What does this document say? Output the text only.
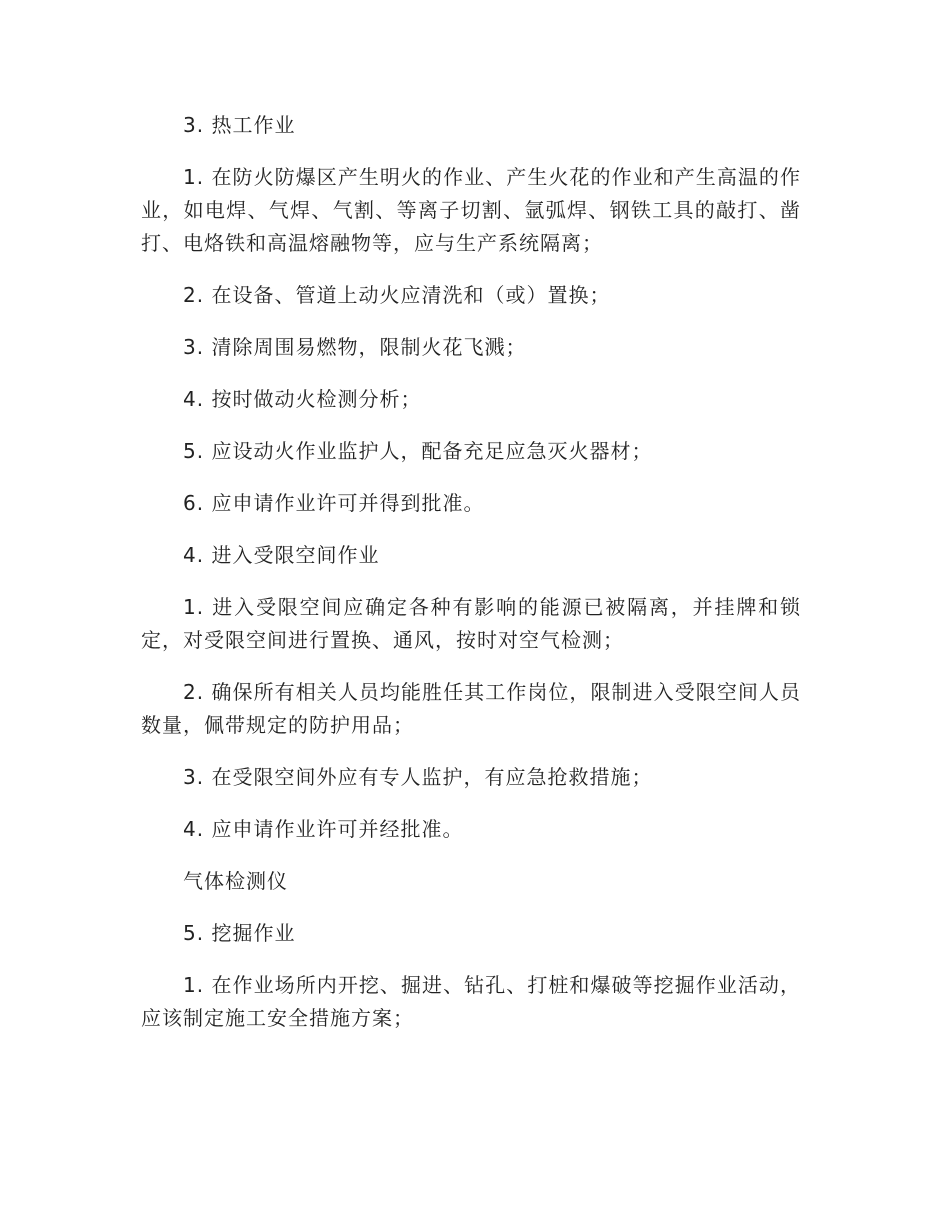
3. 热工作业

1. 在防火防爆区产生明火的作业、产生火花的作业和产生高温的作业，如电焊、气焊、气割、等离子切割、氩弧焊、钢铁工具的敲打、凿打、电烙铁和高温熔融物等，应与生产系统隔离；

2. 在设备、管道上动火应清洗和（或）置换；

3. 清除周围易燃物，限制火花飞溅；

4. 按时做动火检测分析；

5. 应设动火作业监护人，配备充足应急灭火器材；

6. 应申请作业许可并得到批准。

4. 进入受限空间作业

1. 进入受限空间应确定各种有影响的能源已被隔离，并挂牌和锁定，对受限空间进行置换、通风，按时对空气检测；

2. 确保所有相关人员均能胜任其工作岗位，限制进入受限空间人员数量，佩带规定的防护用品；

3. 在受限空间外应有专人监护，有应急抢救措施；

4. 应申请作业许可并经批准。

气体检测仪

5. 挖掘作业

1. 在作业场所内开挖、掘进、钻孔、打桩和爆破等挖掘作业活动，应该制定施工安全措施方案；
